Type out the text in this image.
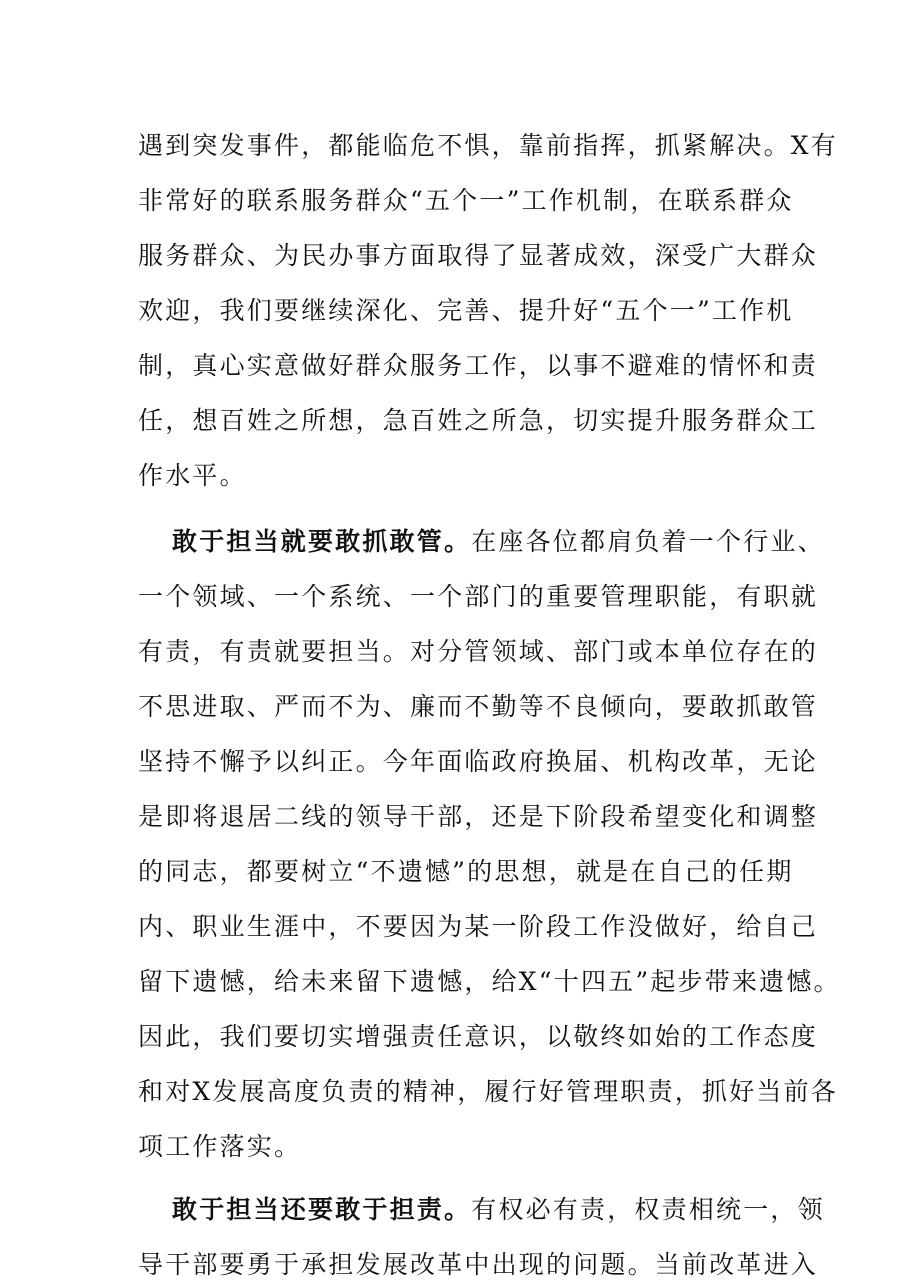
遇到突发事件，都能临危不惧，靠前指挥，抓紧解决。X有
非常好的联系服务群众“五个一”工作机制，在联系群众
服务群众、为民办事方面取得了显著成效，深受广大群众
欢迎，我们要继续深化、完善、提升好“五个一”工作机
制，真心实意做好群众服务工作，以事不避难的情怀和责
任，想百姓之所想，急百姓之所急，切实提升服务群众工
作水平。
敢于担当就要敢抓敢管。在座各位都肩负着一个行业、
一个领域、一个系统、一个部门的重要管理职能，有职就
有责，有责就要担当。对分管领域、部门或本单位存在的
不思进取、严而不为、廉而不勤等不良倾向，要敢抓敢管
坚持不懈予以纠正。今年面临政府换届、机构改革，无论
是即将退居二线的领导干部，还是下阶段希望变化和调整
的同志，都要树立“不遗憾”的思想，就是在自己的任期
内、职业生涯中，不要因为某一阶段工作没做好，给自己
留下遗憾，给未来留下遗憾，给X“十四五”起步带来遗憾。
因此，我们要切实增强责任意识，以敬终如始的工作态度
和对X发展高度负责的精神，履行好管理职责，抓好当前各
项工作落实。
敢于担当还要敢于担责。有权必有责，权责相统一，领
导干部要勇于承担发展改革中出现的问题。当前改革进入
